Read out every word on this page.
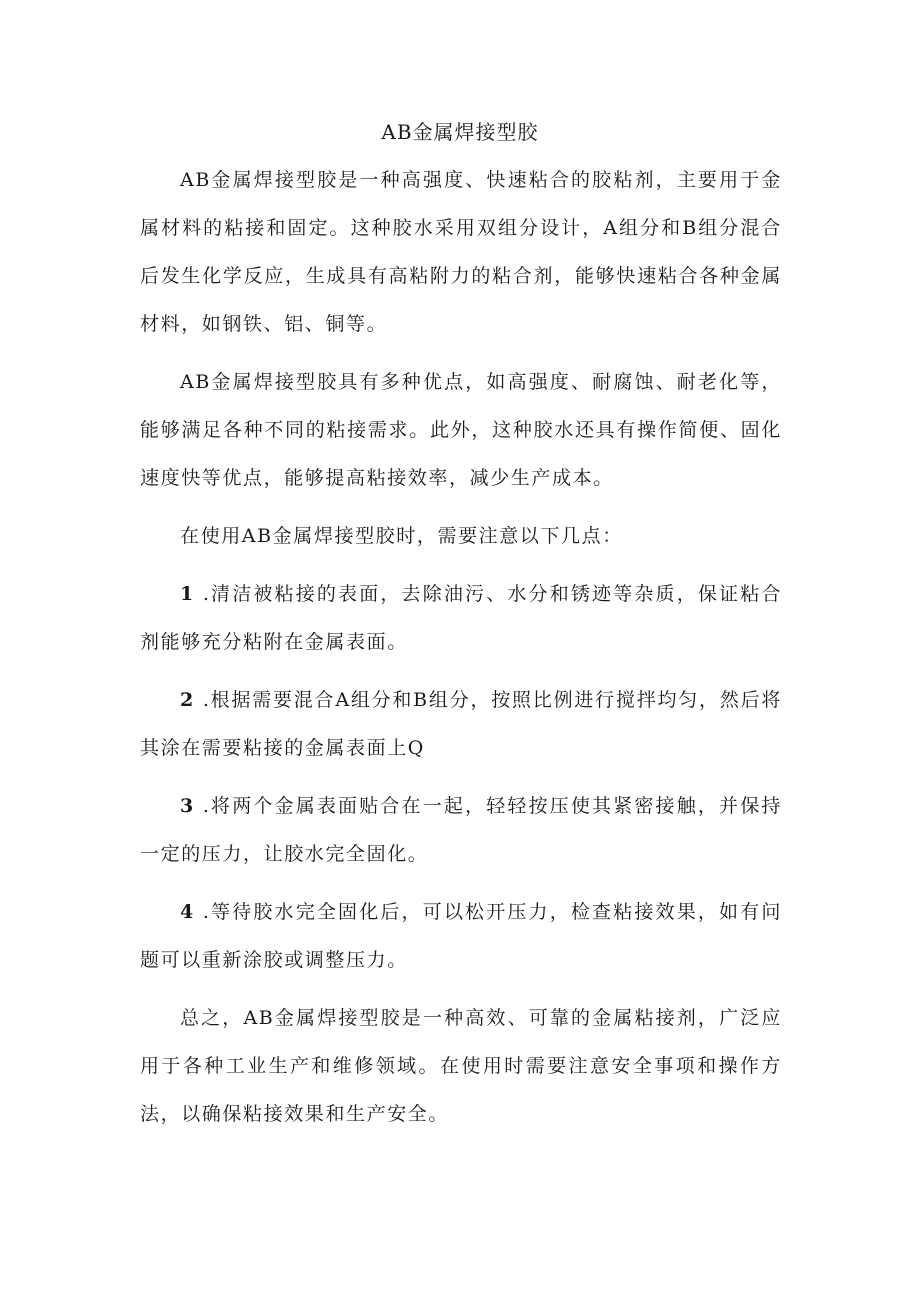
AB金属焊接型胶

AB金属焊接型胶是一种高强度、快速粘合的胶粘剂，主要用于金属材料的粘接和固定。这种胶水采用双组分设计，A组分和B组分混合后发生化学反应，生成具有高粘附力的粘合剂，能够快速粘合各种金属材料，如钢铁、铝、铜等。

AB金属焊接型胶具有多种优点，如高强度、耐腐蚀、耐老化等，能够满足各种不同的粘接需求。此外，这种胶水还具有操作简便、固化速度快等优点，能够提高粘接效率，减少生产成本。

在使用AB金属焊接型胶时，需要注意以下几点：

1 .清洁被粘接的表面，去除油污、水分和锈迹等杂质，保证粘合剂能够充分粘附在金属表面。

2 .根据需要混合A组分和B组分，按照比例进行搅拌均匀，然后将其涂在需要粘接的金属表面上Q

3 .将两个金属表面贴合在一起，轻轻按压使其紧密接触，并保持一定的压力，让胶水完全固化。

4 .等待胶水完全固化后，可以松开压力，检查粘接效果，如有问题可以重新涂胶或调整压力。

总之，AB金属焊接型胶是一种高效、可靠的金属粘接剂，广泛应用于各种工业生产和维修领域。在使用时需要注意安全事项和操作方法，以确保粘接效果和生产安全。
